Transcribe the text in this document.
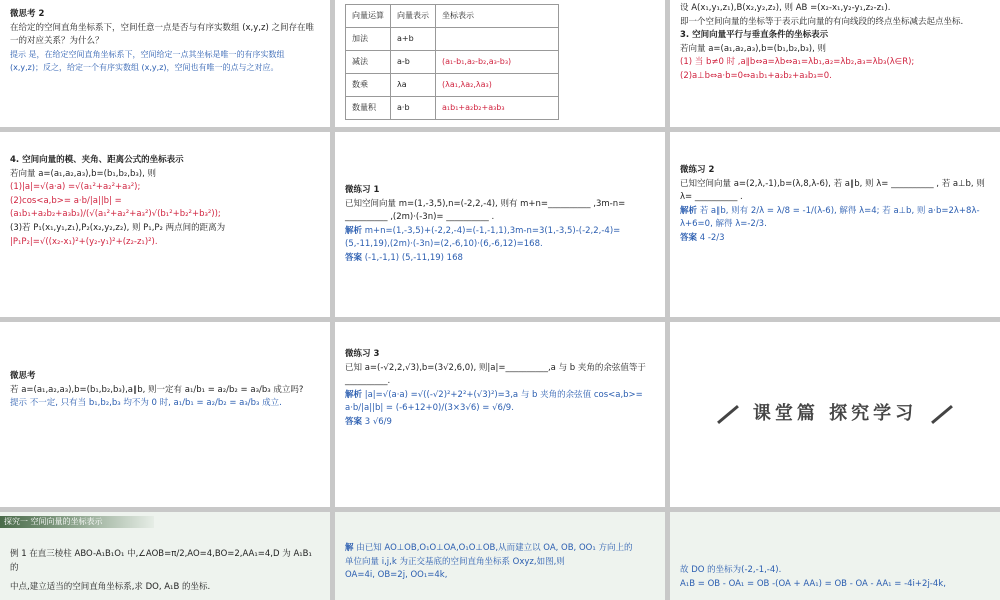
微思考 2
在给定的空间直角坐标系下，空间任意一点是否与有序实数组 (x,y,z) 之间存在唯一的对应关系？为什么？
提示 是，在给定空间直角坐标系下，空间给定一点其坐标是唯一的有序实数组 (x,y,z)；反之，给定一个有序实数组 (x,y,z)，空间也有唯一的点与之对应。
向量运算	向量表示	坐标表示
加法	a+b	
减法	a-b	(a₁-b₁,a₂-b₂,a₃-b₃)
数乘	λa	(λa₁,λa₂,λa₃)
数量积	a·b	a₁b₁+a₂b₂+a₃b₃
设 A(x₁,y₁,z₁),B(x₂,y₂,z₂), 则 AB =(x₂-x₁,y₂-y₁,z₂-z₁).
即一个空间向量的坐标等于表示此向量的有向线段的终点坐标减去起点坐标.
3. 空间向量平行与垂直条件的坐标表示
若向量 a=(a₁,a₂,a₃),b=(b₁,b₂,b₃), 则
(1) 当 b≠0 时 ,a∥b⇔a=λb⇔a₁=λb₁,a₂=λb₂,a₃=λb₃(λ∈R);
(2)a⊥b⇔a·b=0⇔a₁b₁+a₂b₂+a₃b₃=0.
4. 空间向量的模、夹角、距离公式的坐标表示
若向量 a=(a₁,a₂,a₃),b=(b₁,b₂,b₃), 则
(1)|a|=√(a·a) =√(a₁²+a₂²+a₃²);
(2)cos<a,b>= a·b/|a||b| = (a₁b₁+a₂b₂+a₃b₃)/(√(a₁²+a₂²+a₃²)√(b₁²+b₂²+b₃²));
(3)若 P₁(x₁,y₁,z₁),P₂(x₂,y₂,z₂), 则 P₁,P₂ 两点间的距离为
|P₁P₂|=√((x₂-x₁)²+(y₂-y₁)²+(z₂-z₁)²).
微练习 1
已知空间向量 m=(1,-3,5),n=(-2,2,-4), 则有 m+n=__________ ,3m-n= __________ ,(2m)·(-3n)= __________ .
解析 m+n=(1,-3,5)+(-2,2,-4)=(-1,-1,1),3m-n=3(1,-3,5)-(-2,2,-4)=(5,-11,19),(2m)·(-3n)=(2,-6,10)·(6,-6,12)=168.
答案 (-1,-1,1) (5,-11,19) 168
微练习 2
已知空间向量 a=(2,λ,-1),b=(λ,8,λ-6), 若 a∥b, 则 λ= __________ , 若 a⊥b, 则 λ= __________ .
解析 若 a∥b, 则有 2/λ = λ/8 = -1/(λ-6), 解得 λ=4; 若 a⊥b, 则 a·b=2λ+8λ-λ+6=0, 解得 λ=-2/3.
答案 4 -2/3
微思考
若 a=(a₁,a₂,a₃),b=(b₁,b₂,b₃),a∥b, 则一定有 a₁/b₁ = a₂/b₂ = a₃/b₃ 成立吗?
提示 不一定, 只有当 b₁,b₂,b₃ 均不为 0 时, a₁/b₁ = a₂/b₂ = a₃/b₃ 成立.
微练习 3
已知 a=(-√2,2,√3),b=(3√2,6,0), 则|a|=__________,a 与 b 夹角的余弦值等于__________.
解析 |a|=√(a·a) =√((-√2)²+2²+(√3)²)=3,a 与 b 夹角的余弦值 cos<a,b>= a·b/|a||b| = (-6+12+0)/(3×3√6) = √6/9.
答案 3 √6/9	课堂篇 探究学习
探究一 空间向量的坐标表示
例 1 在直三棱柱 ABO-A₁B₁O₁ 中,∠AOB=π/2,AO=4,BO=2,AA₁=4,D 为 A₁B₁ 的
中点,建立适当的空间直角坐标系,求 DO, A₁B 的坐标.
解 由已知 AO⊥OB,O₁O⊥OA,O₁O⊥OB,从而建立以 OA, OB, OO₁ 方向上的
单位向量 i,j,k 为正交基底的空间直角坐标系 Oxyz,如图,则
OA=4i, OB=2j, OO₁=4k,
故 DO 的坐标为(-2,-1,-4).
A₁B = OB - OA₁ = OB -(OA + AA₁) = OB - OA - AA₁ = -4i+2j-4k,
